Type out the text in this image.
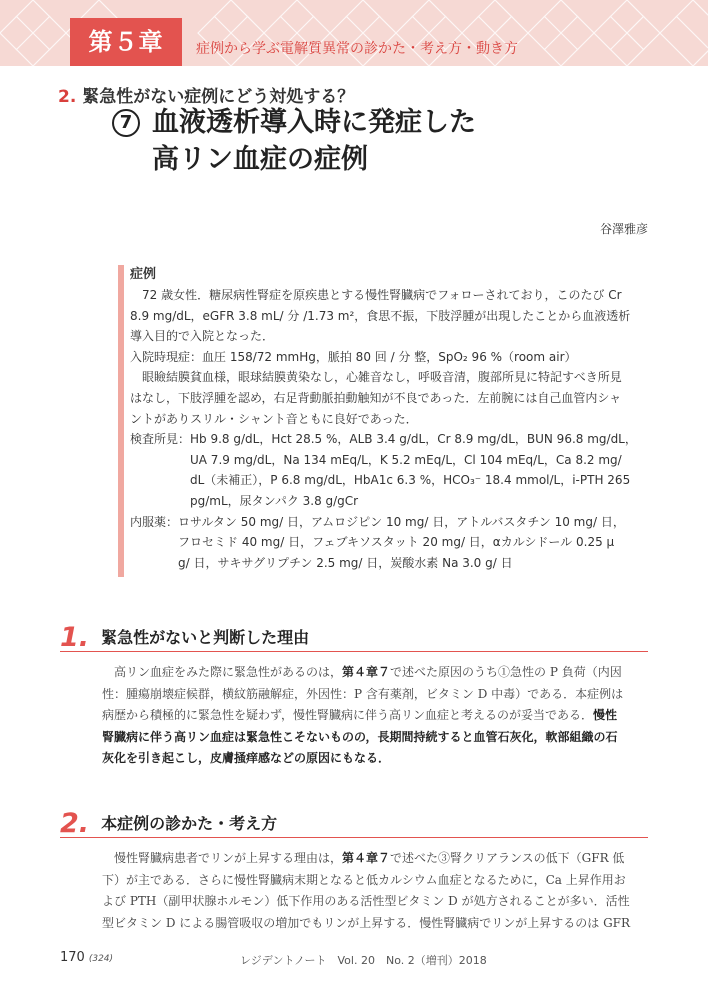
第５章	症例から学ぶ電解質異常の診かた・考え方・動き方
2. 緊急性がない症例にどう対処する？
7 血液透析導入時に発症した
高リン血症の症例
谷澤雅彦
症例

72 歳女性．糖尿病性腎症を原疾患とする慢性腎臓病でフォローされており，このたび Cr

8.9 mg/dL，eGFR 3.8 mL/ 分 /1.73 m²，食思不振，下肢浮腫が出現したことから血液透析

導入目的で入院となった．

入院時現症：血圧 158/72 mmHg，脈拍 80 回 / 分 整，SpO₂ 96 %（room air）

眼瞼結膜貧血様，眼球結膜黄染なし，心雑音なし，呼吸音清，腹部所見に特記すべき所見

はなし，下肢浮腫を認め，右足背動脈拍動触知が不良であった．左前腕には自己血管内シャ

ントがありスリル・シャント音ともに良好であった．

検査所見：Hb 9.8 g/dL，Hct 28.5 %，ALB 3.4 g/dL，Cr 8.9 mg/dL，BUN 96.8 mg/dL，

UA 7.9 mg/dL，Na 134 mEq/L，K 5.2 mEq/L，Cl 104 mEq/L，Ca 8.2 mg/

dL（未補正），P 6.8 mg/dL，HbA1c 6.3 %，HCO₃⁻ 18.4 mmol/L，i-PTH 265

pg/mL，尿タンパク 3.8 g/gCr

内服薬：ロサルタン 50 mg/ 日，アムロジピン 10 mg/ 日，アトルバスタチン 10 mg/ 日，

フロセミド 40 mg/ 日，フェブキソスタット 20 mg/ 日，αカルシドール 0.25 μ

g/ 日，サキサグリプチン 2.5 mg/ 日，炭酸水素 Na 3.0 g/ 日

1. 緊急性がないと判断した理由

高リン血症をみた際に緊急性があるのは，第４章７で述べた原因のうち①急性の P 負荷（内因

性：腫瘍崩壊症候群，横紋筋融解症，外因性：P 含有薬剤，ビタミン D 中毒）である．本症例は

病歴から積極的に緊急性を疑わず，慢性腎臓病に伴う高リン血症と考えるのが妥当である．慢性

腎臓病に伴う高リン血症は緊急性こそないものの，長期間持続すると血管石灰化，軟部組織の石

灰化を引き起こし，皮膚掻痒感などの原因にもなる．

2. 本症例の診かた・考え方

慢性腎臓病患者でリンが上昇する理由は，第４章７で述べた③腎クリアランスの低下（GFR 低

下）が主である．さらに慢性腎臓病末期となると低カルシウム血症となるために，Ca 上昇作用お

よび PTH（副甲状腺ホルモン）低下作用のある活性型ビタミン D が処方されることが多い．活性

型ビタミン D による腸管吸収の増加でもリンが上昇する．慢性腎臓病でリンが上昇するのは GFR

170 (324)	レジデントノート　Vol. 20　No. 2（増刊）2018
